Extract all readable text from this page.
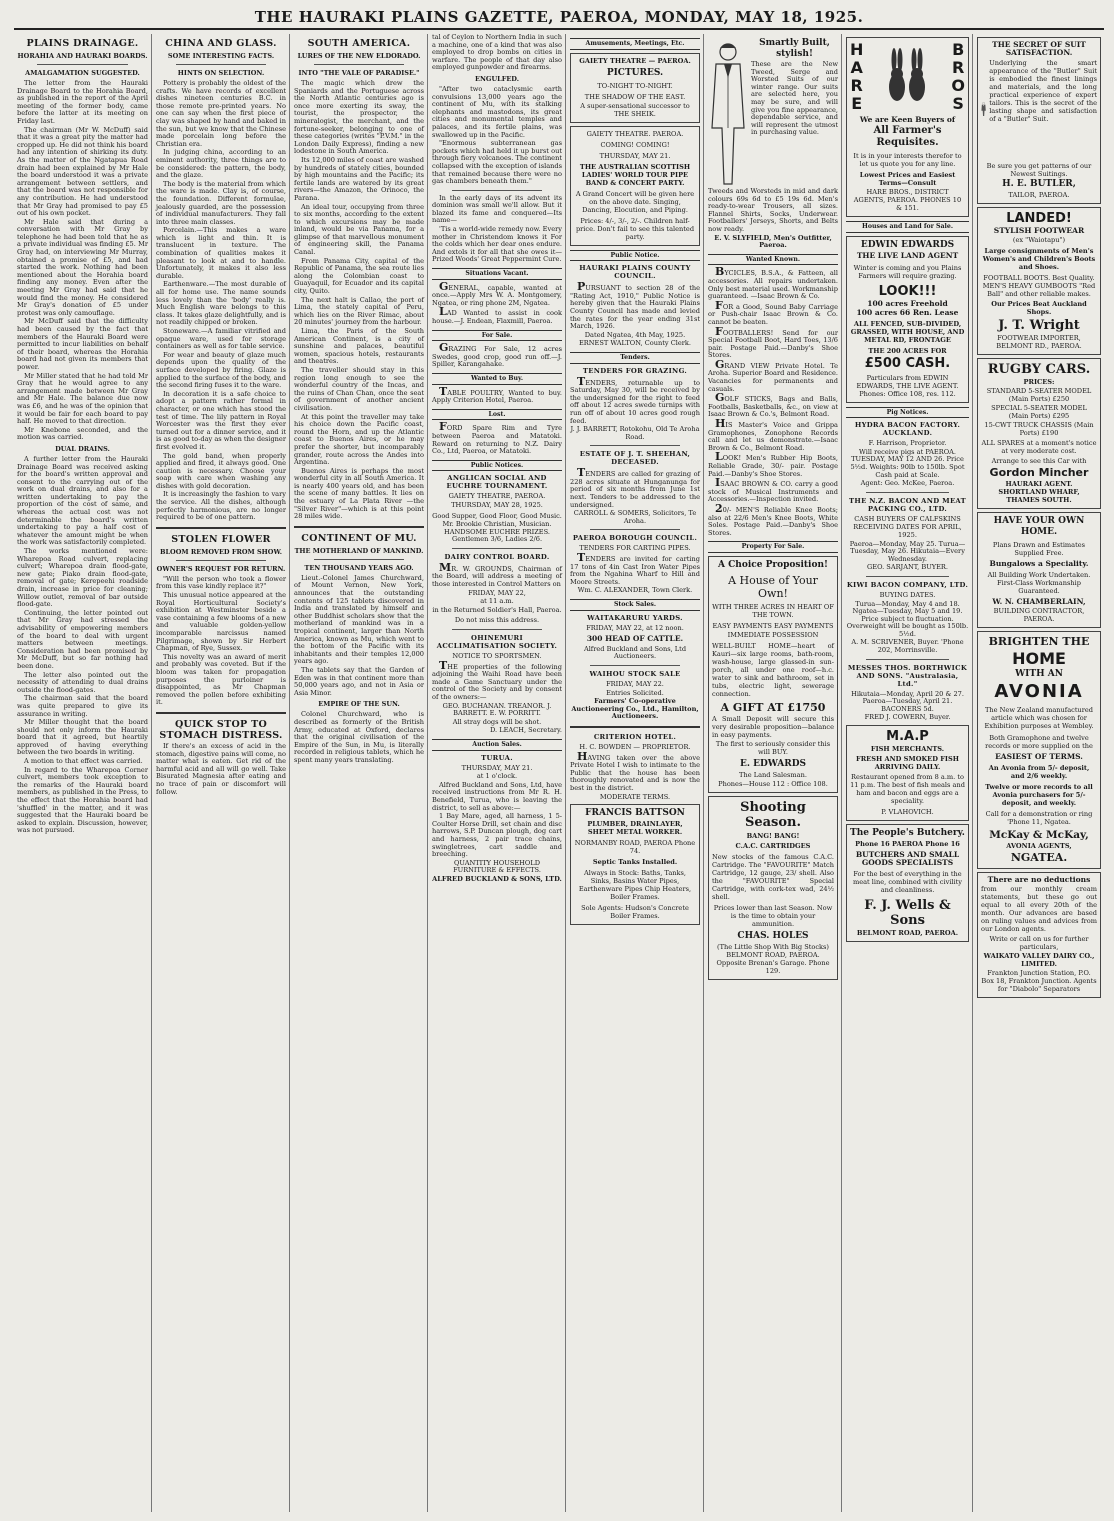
THE HAURAKI PLAINS GAZETTE, PAEROA, MONDAY, MAY 18, 1925.
PLAINS DRAINAGE.
HORAHIA AND HAURAKI BOARDS.
AMALGAMATION SUGGESTED.

The letter from the Hauraki Drainage Board to the Horahia Board, as published in the report of the April meeting of the former body, came before the latter at its meeting on Friday last.

The chairman (Mr W. McDuff) said that it was a great pity the matter had cropped up. He did not think his board had any intention of shirking its duty. As the matter of the Ngatapua Road drain had been explained by Mr Hale the board understood it was a private arrangement between settlers, and that the board was not responsible for any contribution. He had understood that Mr Gray had promised to pay £5 out of his own pocket.

Mr Hale said that during a conversation with Mr Gray by telephone he had been told that he as a private individual was finding £5. Mr Gray had, on interviewing Mr Murray, obtained a promise of £5, and had started the work. Nothing had been mentioned about the Horahia board finding any money. Even after the meeting Mr Gray had said that he would find the money. He considered Mr Gray's donation of £5 under protest was only camouflage.

Mr McDuff said that the difficulty had been caused by the fact that members of the Hauraki Board were permitted to incur liabilities on behalf of their board, whereas the Horahia board had not given its members that power.

Mr Miller stated that he had told Mr Gray that he would agree to any arrangement made between Mr Gray and Mr Hale. The balance due now was £6, and he was of the opinion that it would be fair for each board to pay half. He moved to that direction.

Mr Knebone seconded, and the motion was carried.

DUAL DRAINS.

A further letter from the Hauraki Drainage Board was received asking for the board's written approval and consent to the carrying out of the work on dual drains, and also for a written undertaking to pay the proportion of the cost of same, and whereas the actual cost was not determinable the board's written undertaking to pay a half cost of whatever the amount might be when the work was satisfactorily completed.

The works mentioned were: Wharepoa Road culvert, replacing culvert; Wharepoa drain flood-gate, new gate; Piako drain flood-gate, removal of gate; Kerepeehi roadside drain, increase in price for cleaning; Willow outlet, removal of bar outside flood-gate.

Continuing, the letter pointed out that Mr Gray had stressed the advisability of empowering members of the board to deal with urgent matters between meetings. Consideration had been promised by Mr McDuff, but so far nothing had been done.

The letter also pointed out the necessity of attending to dual drains outside the flood-gates.

The chairman said that the board was quite prepared to give its assurance in writing.

Mr Miller thought that the board should not only inform the Hauraki board that it agreed, but heartily approved of having everything between the two boards in writing.

A motion to that effect was carried.

In regard to the Wharepoa Corner culvert, members took exception to the remarks of the Hauraki board members, as published in the Press, to the effect that the Horahia board had 'shuffled' in the matter, and it was suggested that the Hauraki board be asked to explain. Discussion, however, was not pursued.

CHINA AND GLASS.
SOME INTERESTING FACTS.
HINTS ON SELECTION.

Pottery is probably the oldest of the crafts. We have records of excellent dishes nineteen centuries B.C. in those remote pre-printed years. No one can say when the first piece of clay was shaped by hand and baked in the sun, but we know that the Chinese made porcelain long before the Christian era.

In judging china, according to an eminent authority, three things are to be considered: the pattern, the body, and the glaze.

The body is the material from which the ware is made. Clay is, of course, the foundation. Different formulae, jealously guarded, are the possession of individual manufacturers. They fall into three main classes.

Porcelain.—This makes a ware which is light and thin. It is translucent in texture. The combination of qualities makes it pleasant to look at and to handle. Unfortunately, it makes it also less durable.

Earthenware.—The most durable of all for home use. The name sounds less lovely than the 'body' really is. Much English ware belongs to this class. It takes glaze delightfully, and is not readily chipped or broken.

Stoneware.—A familiar vitrified and opaque ware, used for storage containers as well as for table service.

For wear and beauty of glaze much depends upon the quality of the surface developed by firing. Glaze is applied to the surface of the body, and the second firing fuses it to the ware.

In decoration it is a safe choice to adopt a pattern rather formal in character, or one which has stood the test of time. The lily pattern in Royal Worcester was the first they ever turned out for a dinner service, and it is as good to-day as when the designer first evolved it.

The gold band, when properly applied and fired, it always good. One caution is necessary. Choose your soap with care when washing any dishes with gold decoration.

It is increasingly the fashion to vary the service. All the dishes, although perfectly harmonious, are no longer required to be of one pattern.

STOLEN FLOWER
BLOOM REMOVED FROM SHOW.
OWNER'S REQUEST FOR RETURN.

"Will the person who took a flower from this vase kindly replace it?"

This unusual notice appeared at the Royal Horticultural Society's exhibition at Westminster beside a vase containing a few blooms of a new and valuable golden-yellow incomparable narcissus named Pilgrimage, shown by Sir Herbert Chapman, of Rye, Sussex.

This novelty was an award of merit and probably was coveted. But if the bloom was taken for propagation purposes the purloiner is disappointed, as Mr Chapman removed the pollen before exhibiting it.

QUICK STOP TO STOMACH DISTRESS.

If there's an excess of acid in the stomach, digestive pains will come, no matter what is eaten. Get rid of the harmful acid and all will go well. Take Bisurated Magnesia after eating and no trace of pain or discomfort will follow.

SOUTH AMERICA.
LURES OF THE NEW ELDORADO.
INTO "THE VALE OF PARADISE."

The magic which drew the Spaniards and the Portuguese across the North Atlantic centuries ago is once more exerting its sway, the tourist, the prospector, the mineralogist, the merchant, and the fortune-seeker, belonging to one of these categories (writes "P.V.M." in the London Daily Express), finding a new lodestone in South America.

Its 12,000 miles of coast are washed by hundreds of stately cities, bounded by high mountains and the Pacific; its fertile lands are watered by its great rivers—the Amazon, the Orinoco, the Parana.

An ideal tour, occupying from three to six months, according to the extent to which excursions may be made inland, would be via Panama, for a glimpse of that marvellous monument of engineering skill, the Panama Canal.

From Panama City, capital of the Republic of Panama, the sea route lies along the Colombian coast to Guayaquil, for Ecuador and its capital city, Quito.

The next halt is Callao, the port of Lima, the stately capital of Peru, which lies on the River Rimac, about 20 minutes' journey from the harbour.

Lima, the Paris of the South American Continent, is a city of sunshine and palaces, beautiful women, spacious hotels, restaurants and theatres.

The traveller should stay in this region long enough to see the wonderful country of the Incas, and the ruins of Chan Chan, once the seat of government of another ancient civilisation.

At this point the traveller may take his choice down the Pacific coast, round the Horn, and up the Atlantic coast to Buenos Aires, or he may prefer the shorter, but incomparably grander, route across the Andes into Argentina.

Buenos Aires is perhaps the most wonderful city in all South America. It is nearly 400 years old, and has been the scene of many battles. It lies on the estuary of La Plata River —the "Silver River"—which is at this point 28 miles wide.

CONTINENT OF MU.
THE MOTHERLAND OF MANKIND.
TEN THOUSAND YEARS AGO.

Lieut.-Colonel James Churchward, of Mount Vernon, New York, announces that the outstanding contents of 125 tablets discovered in India and translated by himself and other Buddhist scholars show that the motherland of mankind was in a tropical continent, larger than North America, known as Mu, which went to the bottom of the Pacific with its inhabitants and their temples 12,000 years ago.

The tablets say that the Garden of Eden was in that continent more than 50,000 years ago, and not in Asia or Asia Minor.

EMPIRE OF THE SUN.

Colonel Churchward, who is described as formerly of the British Army, educated at Oxford, declares that the original civilisation of the Empire of the Sun, in Mu, is literally recorded in religious tablets, which he spent many years translating.

tal of Ceylon to Northern India in such a machine, one of a kind that was also employed to drop bombs on cities in warfare. The people of that day also employed gunpowder and firearms.

ENGULFED.

"After two cataclysmic earth convulsions 13,000 years ago the continent of Mu, with its stalking elephants and mastodons, its great cities and monumental temples and palaces, and its fertile plains, was swallowed up in the Pacific.

"Enormous subterranean gas pockets which had held it up burst out through fiery volcanoes. The continent collapsed with the exception of islands that remained because there were no gas chambers beneath them."

In the early days of its advent its dominion was small we'll allow. But it blazed its fame and conquered—Its name—

'Tis a world-wide remedy now. Every mother in Christendom knows it For the colds which her dear ones endure. And extols it for all that she owes it— Prized Woods' Great Peppermint Cure.

Situations Vacant.

GENERAL, capable, wanted at once.—Apply Mrs W. A. Montgomery, Ngatea, or ring phone 2M, Ngatea.

LAD Wanted to assist in cook house.—J. Endean, Flaxmill, Paeroa.

For Sale.

GRAZING For Sale, 12 acres Swedes, good crop, good run off.—J. Spiller, Karangahake.

Wanted to Buy.

TABLE POULTRY, Wanted to buy. Apply Criterion Hotel, Paeroa.

Lost.

FORD Spare Rim and Tyre between Paeroa and Matatoki. Reward on returning to N.Z. Dairy Co., Ltd, Paeroa, or Matatoki.

Public Notices.
ANGLICAN SOCIAL AND EUCHRE TOURNAMENT.

GAIETY THEATRE, PAEROA.

THURSDAY, MAY 28, 1925.

Good Supper, Good Floor, Good Music.

Mr. Brookie Christian, Musician. HANDSOME EUCHRE PRIZES. Gentlemen 3/6, Ladies 2/6.

DAIRY CONTROL BOARD.

MR. W. GROUNDS, Chairman of the Board, will address a meeting of those interested in Control Matters on

FRIDAY, MAY 22,

at 11 a.m.

in the Returned Soldier's Hall, Paeroa.

Do not miss this address.

OHINEMURI ACCLIMATISATION SOCIETY.

NOTICE TO SPORTSMEN.

THE properties of the following adjoining the Waihi Road have been made a Game Sanctuary under the control of the Society and by consent of the owners:—

GEO. BUCHANAN. TREANOR. J. BARRETT. E. W. PORRITT.

All stray dogs will be shot.

D. LEACH, Secretary.

Auction Sales.
TURUA.

THURSDAY, MAY 21.

at 1 o'clock.

Alfred Buckland and Sons, Ltd, have received instructions from Mr R. H. Benefield, Turua, who is leaving the district, to sell as above:—

1 Bay Mare, aged, all harness, 1 5-Coulter Horse Drill, set chain and disc harrows, S.P. Duncan plough, dog cart and harness, 2 pair trace chains, swingletrees, cart saddle and breeching.

QUANTITY HOUSEHOLD FURNITURE & EFFECTS.

ALFRED BUCKLAND & SONS, LTD.

Amusements, Meetings, Etc.

GAIETY THEATRE — PAEROA.

PICTURES.

TO-NIGHT TO-NIGHT.

THE SHADOW OF THE EAST.

A super-sensational successor to THE SHEIK.

GAIETY THEATRE. PAEROA.

COMING! COMING!

THURSDAY, MAY 21.

THE AUSTRALIAN SCOTTISH LADIES' WORLD TOUR PIPE BAND & CONCERT PARTY.

A Grand Concert will be given here on the above date. Singing, Dancing, Elocution, and Piping.

Prices: 4/-, 3/-, 2/-. Children half-price. Don't fail to see this talented party.

Public Notice.
HAURAKI PLAINS COUNTY COUNCIL.

PURSUANT to section 28 of the "Rating Act, 1910," Public Notice is hereby given that the Hauraki Plains County Council has made and levied the rates for the year ending 31st March, 1926.

Dated Ngatea, 4th May, 1925.

ERNEST WALTON, County Clerk.

Tenders.
TENDERS FOR GRAZING.

TENDERS, returnable up to Saturday, May 30, will be received by the undersigned for the right to feed off about 12 acres swede turnips with run off of about 10 acres good rough feed.

J. J. BARRETT, Rotokohu, Old Te Aroha Road.

ESTATE OF J. T. SHEEHAN, DECEASED.

TENDERS are called for grazing of 228 acres situate at Hunganunga for period of six months from June 1st next. Tenders to be addressed to the undersigned.

CARROLL & SOMERS, Solicitors, Te Aroha.

PAEROA BOROUGH COUNCIL.

TENDERS FOR CARTING PIPES.

TENDERS are invited for carting 17 tons of 4in Cast Iron Water Pipes from the Ngahina Wharf to Hill and Moore Streets.

Wm. C. ALEXANDER, Town Clerk.

Stock Sales.
WAITAKARURU YARDS.

FRIDAY, MAY 22, at 12 noon.

300 HEAD OF CATTLE.

Alfred Buckland and Sons, Ltd Auctioneers.

WAIHOU STOCK SALE

FRIDAY, MAY 22.

Entries Solicited.

Farmers' Co-operative Auctioneering Co., Ltd., Hamilton, Auctioneers.

CRITERION HOTEL.

H. C. BOWDEN — PROPRIETOR.

HAVING taken over the above Private Hotel I wish to intimate to the Public that the house has been thoroughly renovated and is now the best in the district.

MODERATE TERMS.

FRANCIS BATTSON

PLUMBER, DRAINLAYER, SHEET METAL WORKER.

NORMANBY ROAD, PAEROA Phone 74.

Septic Tanks Installed.

Always in Stock: Baths, Tanks, Sinks, Basins Water Pipes, Earthenware Pipes Chip Heaters, Boiler Frames.

Sole Agents: Hudson's Concrete Boiler Frames.

Smartly Built, stylish!

These are the New Tweed, Serge and Worsted Suits of our winter range. Our suits are selected here, you may be sure, and will give you fine appearance, dependable service, and will represent the utmost in purchasing value.

Tweeds and Worsteds in mid and dark colours 69s 6d to £5 19s 6d. Men's ready-to-wear Trousers, all sizes. Flannel Shirts, Socks, Underwear. Footballers' Jerseys, Shorts, and Belts now ready.

E. V. SLYFIELD, Men's Outfitter, Paeroa.

Wanted Known.

BYCICLES, B.S.A., & Fatteen, all accessories. All repairs undertaken. Only best material used. Workmanship guaranteed. —Isaac Brown & Co.

FOR a Good, Sound Baby Carriage or Push-chair Isaac Brown & Co. cannot be beaten.

FOOTBALLERS! Send for our Special Football Boot, Hard Toes, 13/6 pair. Postage Paid.—Danby's Shoe Stores.

GRAND VIEW Private Hotel. Te Aroha. Superior Board and Residence. Vacancies for permanents and casuals.

GOLF STICKS, Bags and Balls, Footballs, Basketballs, &c., on view at Isaac Brown & Co.'s, Belmont Road.

HIS Master's Voice and Grippa Gramophones, Zonophone Records call and let us demonstrate.—Isaac Brown & Co., Belmont Road.

LOOK! Men's Rubber Hip Boots, Reliable Grade, 30/- pair. Postage Paid.—Danby's Shoe Stores.

ISAAC BROWN & CO. carry a good stock of Musical Instruments and Accessories.—Inspection invited.

20/- MEN'S Reliable Knee Boots; also at 22/6 Men's Knee Boots, White Soles. Postage Paid.—Danby's Shoe Stores.

Property For Sale.

A Choice Proposition!

A House of Your Own!

WITH THREE ACRES IN HEART OF THE TOWN.

EASY PAYMENTS EASY PAYMENTS

IMMEDIATE POSSESSION

WELL-BUILT HOME—heart of Kauri—six large rooms, bath-room, wash-house, large glassed-in sun-porch, all under one roof—h.c. water to sink and bathroom, set in tubs, electric light, sewerage connection.

A GIFT AT £1750

A Small Deposit will secure this very desirable proposition—balance in easy payments.

The first to seriously consider this will BUY.

E. EDWARDS

The Land Salesman.

Phones—House 112 : Office 108.

Shooting Season.

BANG! BANG!

C.A.C. CARTRIDGES

New stocks of the famous C.A.C. Cartridge. The "FAVOURITE" Match Cartridge, 12 gauge, 23/ shell. Also the "FAVOURITE" Special Cartridge, with cork-tex wad, 24½ shell.

Prices lower than last Season. Now is the time to obtain your ammunition.

CHAS. HOLES

(The Little Shop With Big Stocks) BELMONT ROAD, PAEROA. Opposite Brenan's Garage. Phone 129.

H
A
R
E
B
R
O
S

We are Keen Buyers of

All Farmer's Requisites.

It is in your interests therefor to let us quote you for any line.

Lowest Prices and Easiest Terms—Consult

HARE BROS., DISTRICT AGENTS, PAEROA. PHONES 10 & 151.

Houses and Land for Sale.

EDWIN EDWARDS

THE LIVE LAND AGENT

Winter is coming and you Plains Farmers will require grazing.

LOOK!!!

100 acres Freehold

100 acres 66 Ren. Lease

ALL FENCED, SUB-DIVIDED, GRASSED, WITH HOUSE, AND METAL RD, FRONTAGE

THE 200 ACRES FOR

£500 CASH.

Particulars from EDWIN EDWARDS, THE LIVE AGENT. Phones: Office 108, res. 112.

Pig Notices.
HYDRA BACON FACTORY. AUCKLAND.

F. Harrison, Proprietor.

Will receive pigs at PAEROA. TUESDAY, MAY 12 AND 26. Price 5½d. Weights: 90lb to 150lb. Spot Cash paid at Scale.

Agent: Geo. McKee, Paeroa.

THE N.Z. BACON AND MEAT PACKING CO., LTD.

CASH BUYERS OF CALFSKINS

RECEIVING DATES FOR APRIL, 1925.

Paeroa—Monday, May 25. Turua—Tuesday, May 26. Hikutaia—Every Wednesday.

GEO. SARJANT, BUYER.

KIWI BACON COMPANY, LTD.

BUYING DATES.

Turua—Monday, May 4 and 18. Ngatea—Tuesday, May 5 and 19. Price subject to fluctuation. Overweight will be bought as 150lb. 5½d.

A. M. SCRIVENER, Buyer. 'Phone 202, Morrinsville.

MESSES THOS. BORTHWICK AND SONS. "Australasia, Ltd."

Hikutaia—Monday, April 20 & 27. Paeroa—Tuesday, April 21. BACONERS 5d.

FRED J. COWERN, Buyer.

M.A.P

FISH MERCHANTS.

FRESH AND SMOKED FISH ARRIVING DAILY.

Restaurant opened from 8 a.m. to 11 p.m. The best of fish meals and ham and bacon and eggs are a speciality.

P. VLAHOVICH.

The People's Butchery.

Phone 16 PAEROA Phone 16

BUTCHERS AND SMALL GOODS SPECIALISTS

For the best of everything in the meat line, combined with civility and cleanliness.

F. J. Wells & Sons

BELMONT ROAD, PAEROA.

THE SECRET OF SUIT SATISFACTION.

Underlying the smart appearance of the "Butler" Suit is embodied the finest linings and materials, and the long practical experience of expert tailors. This is the secret of the lasting shape and satisfaction of a "Butler" Suit.

Be sure you get patterns of our Newest Suitings.

H. E. BUTLER,

TAILOR, PAEROA.

LANDED!

STYLISH FOOTWEAR

(ex "Waiotapu")

Large consignments of Men's Women's and Children's Boots and Shoes.

FOOTBALL BOOTS. Best Quality. MEN'S HEAVY GUMBOOTS "Red Ball" and other reliable makes.

Our Prices Beat Auckland Shops.

J. T. Wright

FOOTWEAR IMPORTER, BELMONT RD., PAEROA.

RUGBY CARS.

PRICES:

STANDARD 5-SEATER MODEL (Main Ports) £250

SPECIAL 5-SEATER MODEL (Main Ports) £295

15-CWT TRUCK CHASSIS (Main Ports) £190

ALL SPARES at a moment's notice at very moderate cost.

Arrange to see this Car with

Gordon Mincher

HAURAKI AGENT. SHORTLAND WHARF, THAMES SOUTH.

HAVE YOUR OWN HOME.

Plans Drawn and Estimates Supplied Free.

Bungalows a Speciality.

All Building Work Undertaken. First-Class Workmanship Guaranteed.

W. N. CHAMBERLAIN,

BUILDING CONTRACTOR, PAEROA.

BRIGHTEN THE

HOME

WITH AN

AVONIA

The New Zealand manufactured article which was chosen for Exhibition purposes at Wembley.

Both Gramophone and twelve records or more supplied on the

EASIEST OF TERMS.

An Avonia from 5/- deposit, and 2/6 weekly.

Twelve or more records to all Avonia purchasers for 5/- deposit, and weekly.

Call for a demonstration or ring 'Phone 11, Ngatea.

McKay & McKay,

AVONIA AGENTS,

NGATEA.

There are no deductions

from our monthly cream statements, but these go out equal to all every 20th of the month. Our advances are based on ruling values and advices from our London agents.

Write or call on us for further particulars,

WAIKATO VALLEY DAIRY CO., LIMITED.

Frankton Junction Station, P.O. Box 18, Frankton Junction. Agents for "Diabolo" Separators
